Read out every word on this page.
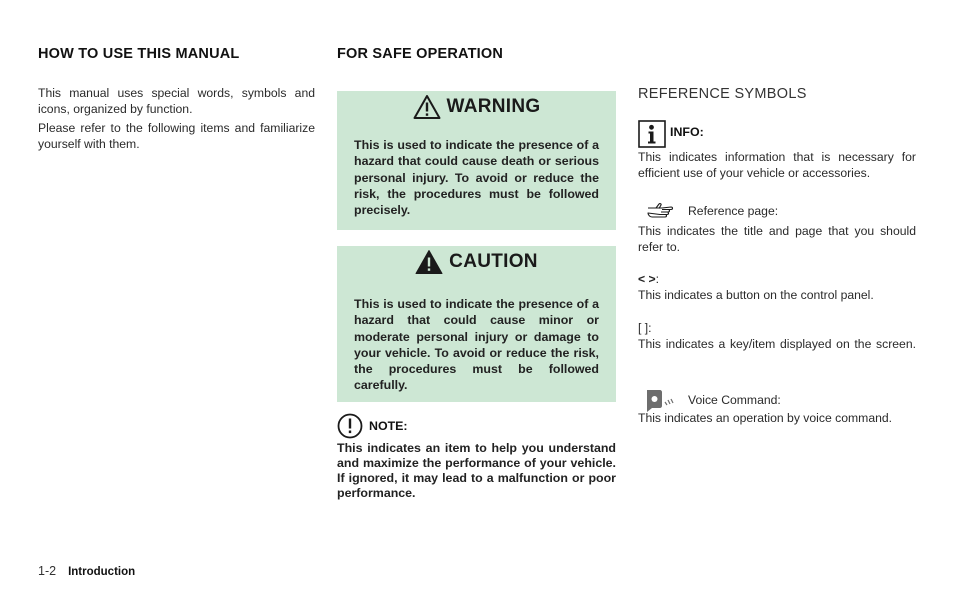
HOW TO USE THIS MANUAL
This manual uses special words, symbols and icons, organized by function.
Please refer to the following items and familiarize yourself with them.
FOR SAFE OPERATION
WARNING
This is used to indicate the presence of a hazard that could cause death or serious personal injury. To avoid or reduce the risk, the procedures must be followed precisely.
CAUTION
This is used to indicate the presence of a hazard that could cause minor or moderate personal injury or damage to your vehicle. To avoid or reduce the risk, the procedures must be followed carefully.
NOTE:
This indicates an item to help you understand and maximize the performance of your vehicle. If ignored, it may lead to a malfunction or poor performance.
REFERENCE SYMBOLS
INFO:
This indicates information that is necessary for efficient use of your vehicle or accessories.
Reference page:
This indicates the title and page that you should refer to.
< >:
This indicates a button on the control panel.
[ ]:
This indicates a key/item displayed on the screen.
Voice Command:
This indicates an operation by voice command.
1-2 Introduction
